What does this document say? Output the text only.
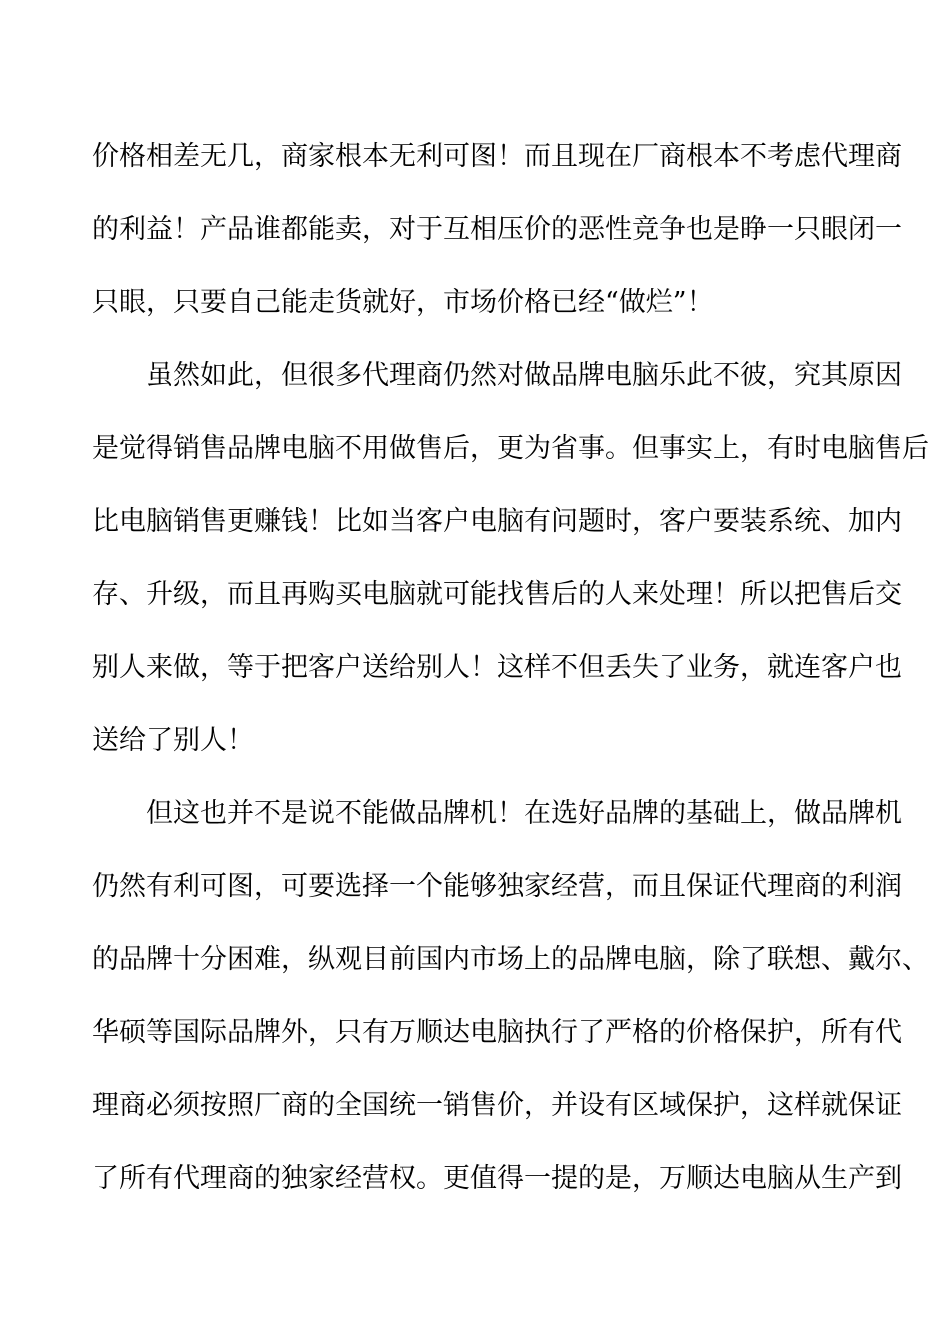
价格相差无几，商家根本无利可图！而且现在厂商根本不考虑代理商
的利益！产品谁都能卖，对于互相压价的恶性竞争也是睁一只眼闭一
只眼，只要自己能走货就好，市场价格已经“做烂”！
虽然如此，但很多代理商仍然对做品牌电脑乐此不彼，究其原因
是觉得销售品牌电脑不用做售后，更为省事。但事实上，有时电脑售后
比电脑销售更赚钱！比如当客户电脑有问题时，客户要装系统、加内
存、升级，而且再购买电脑就可能找售后的人来处理！所以把售后交
别人来做，等于把客户送给别人！这样不但丢失了业务，就连客户也
送给了别人！
但这也并不是说不能做品牌机！在选好品牌的基础上，做品牌机
仍然有利可图，可要选择一个能够独家经营，而且保证代理商的利润
的品牌十分困难，纵观目前国内市场上的品牌电脑，除了联想、戴尔、
华硕等国际品牌外，只有万顺达电脑执行了严格的价格保护，所有代
理商必须按照厂商的全国统一销售价，并设有区域保护，这样就保证
了所有代理商的独家经营权。更值得一提的是，万顺达电脑从生产到
